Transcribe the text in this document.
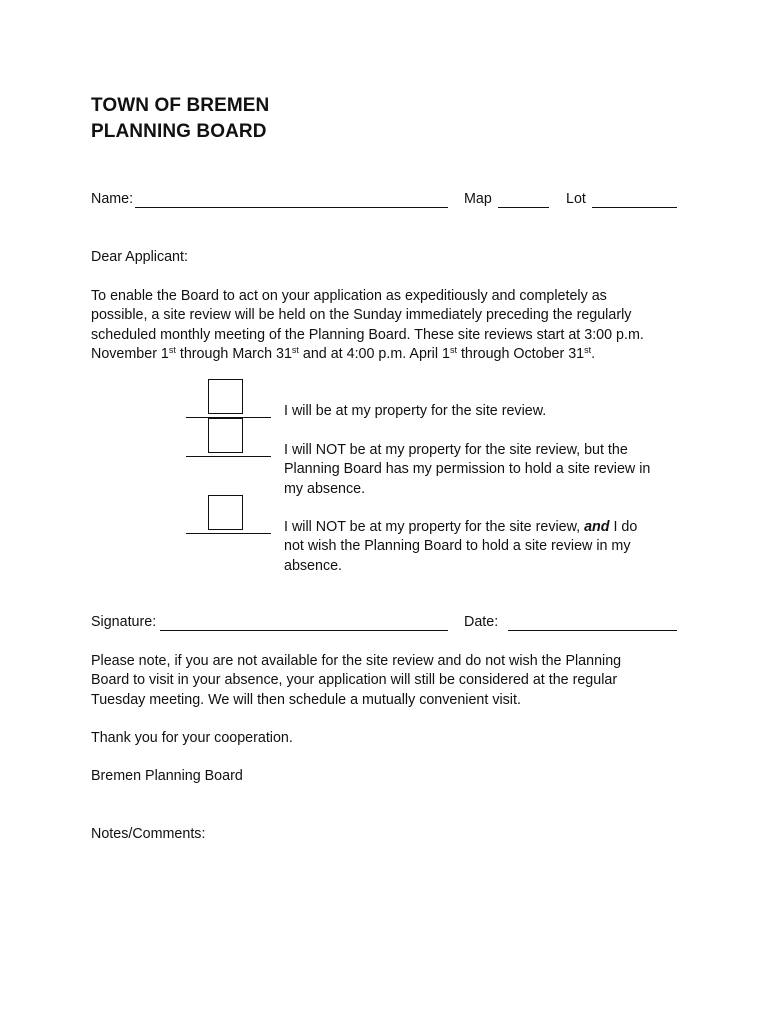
TOWN OF BREMEN
PLANNING BOARD
Name:	Map	Lot
Dear Applicant:
To enable the Board to act on your application as expeditiously and completely as
possible, a site review will be held on the Sunday immediately preceding the regularly
scheduled monthly meeting of the Planning Board. These site reviews start at 3:00 p.m.
November 1st through March 31st and at 4:00 p.m. April 1st through October 31st.
I will be at my property for the site review.
I will NOT be at my property for the site review, but the
Planning Board has my permission to hold a site review in
my absence.
I will NOT be at my property for the site review, and I do
not wish the Planning Board to hold a site review in my
absence.
Signature:	Date:
Please note, if you are not available for the site review and do not wish the Planning
Board to visit in your absence, your application will still be considered at the regular
Tuesday meeting. We will then schedule a mutually convenient visit.
Thank you for your cooperation.
Bremen Planning Board
Notes/Comments:
